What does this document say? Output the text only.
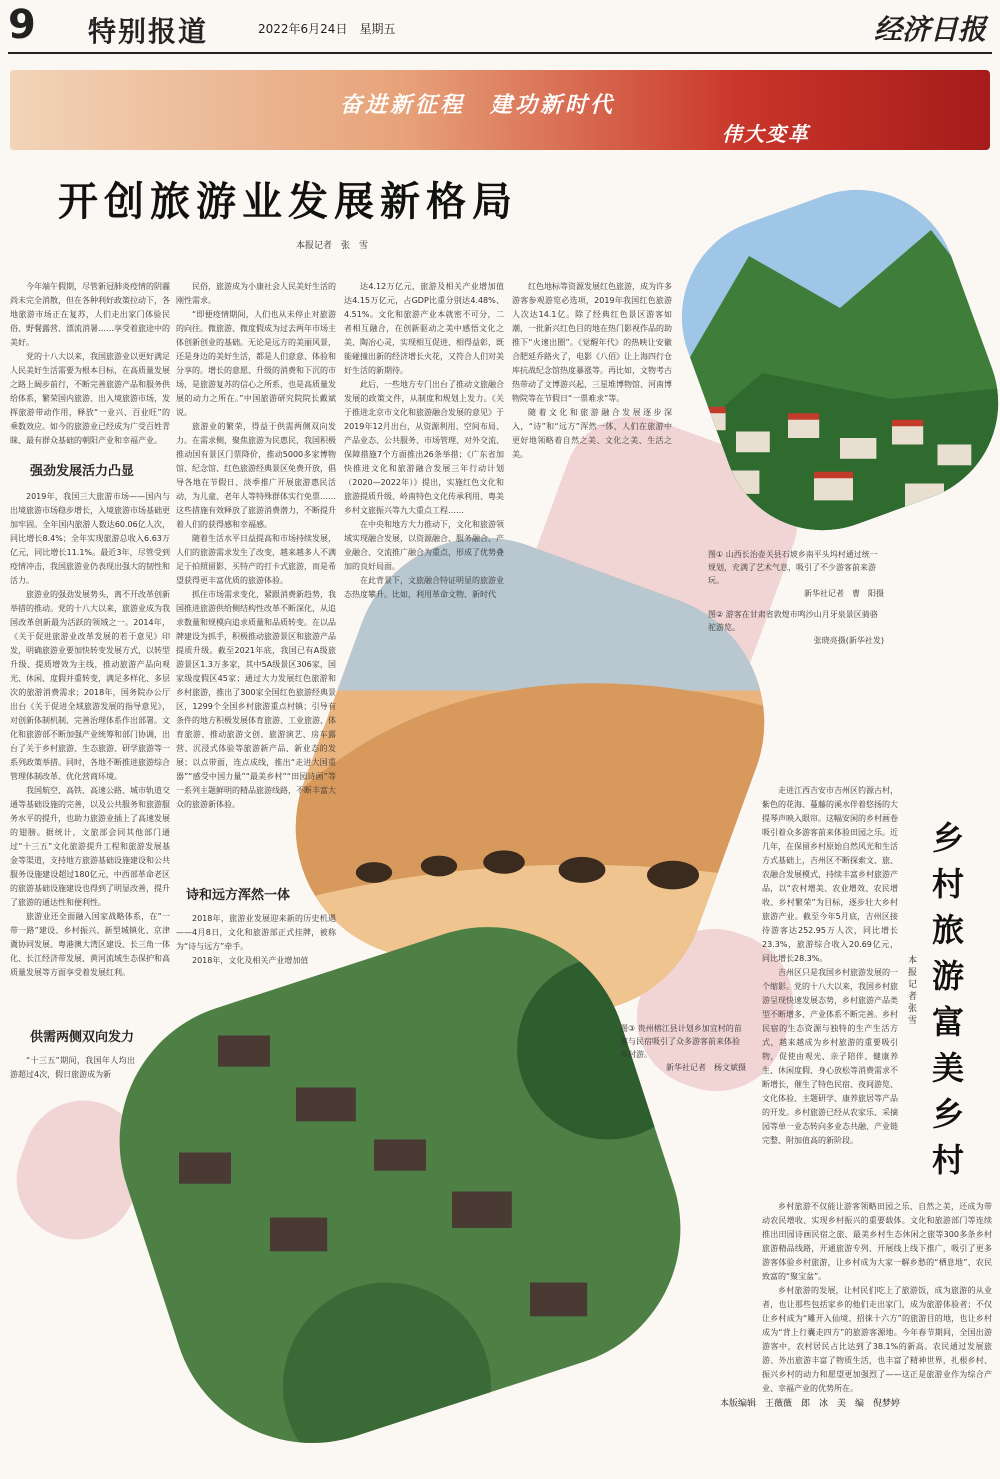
9 特别报道	2022年6月24日　星期五	经济日报
奋进新征程　建功新时代
伟大变革
开创旅游业发展新格局
本报记者　张　雪

今年端午假期，尽管新冠肺炎疫情的阴霾尚未完全消散，但在各种利好政策拉动下，各地旅游市场正在复苏，人们走出家门体验民俗、野餐露营、漂流消暑……享受着旅途中的美好。

党的十八大以来，我国旅游业以更好满足人民美好生活需要为根本目标，在高质量发展之路上阔步前行，不断完善旅游产品和服务供给体系，繁荣国内旅游、出入境旅游市场，发挥旅游带动作用，释放“一业兴、百业旺”的乘数效应。如今的旅游业已经成为广受百姓青睐、最有群众基础的朝阳产业和幸福产业。

强劲发展活力凸显

2019年，我国三大旅游市场——国内与出境旅游市场稳步增长，入境旅游市场基础更加牢固。全年国内旅游人数达60.06亿人次，同比增长8.4%；全年实现旅游总收入6.63万亿元，同比增长11.1%。最近3年，尽管受到疫情冲击，我国旅游业仍表现出强大的韧性和活力。

旅游业的强劲发展势头，离不开改革创新举措的推动。党的十八大以来，旅游业成为我国改革创新最为活跃的领域之一。2014年，《关于促进旅游业改革发展的若干意见》印发，明确旅游业要加快转变发展方式，以转型升级、提质增效为主线，推动旅游产品向观光、休闲、度假并重转变，满足多样化、多层次的旅游消费需求；2018年，国务院办公厅出台《关于促进全域旅游发展的指导意见》，对创新体制机制、完善治理体系作出部署。文化和旅游部不断加强产业统筹和部门协调，出台了关于乡村旅游、生态旅游、研学旅游等一系列政策举措。同时，各地不断推进旅游综合管理体制改革、优化营商环境。

我国航空、高铁、高速公路、城市轨道交通等基础设施的完善，以及公共服务和旅游服务水平的提升，也助力旅游业插上了高速发展的翅膀。据统计，文旅部会同其他部门通过“十三五”文化旅游提升工程和旅游发展基金等渠道，支持地方旅游基础设施建设和公共服务设施建设超过180亿元，中西部革命老区的旅游基础设施建设也得到了明显改善，提升了旅游的通达性和便利性。

旅游业还全面融入国家战略体系，在“一带一路”建设、乡村振兴、新型城镇化、京津冀协同发展、粤港澳大湾区建设、长三角一体化、长江经济带发展、黄河流域生态保护和高质量发展等方面享受着发展红利。

供需两侧双向发力

“十三五”期间，我国年人均出游超过4次，假日旅游成为新

民俗，旅游成为小康社会人民美好生活的刚性需求。

“即便疫情期间，人们也从未停止对旅游的向往。微旅游、微度假成为过去两年市场主体创新创业的基础。无论是远方的美丽风景，还是身边的美好生活，都是人们意意、体验和分享的。增长的意愿、升级的消费和下沉的市场，是旅游复苏的信心之所系，也是高质量发展的动力之所在。”中国旅游研究院院长戴斌说。

旅游业的繁荣，得益于供需两侧双向发力。在需求侧，聚焦旅游为民惠民，我国积极推动国有景区门票降价，推动5000多家博物馆、纪念馆、红色旅游经典景区免费开放，倡导各地在节假日、淡季推广开展旅游惠民活动，为儿童、老年人等特殊群体实行免票……这些措施有效释放了旅游消费潜力，不断提升着人们的获得感和幸福感。

随着生活水平日益提高和市场持续发展，人们的旅游需求发生了改变，越来越多人不满足于拍照留影、买特产的打卡式旅游，而是希望获得更丰富优质的旅游体验。

抓住市场需求变化，紧跟消费新趋势，我国推进旅游供给侧结构性改革不断深化，从追求数量和规模向追求质量和品质转变。在以品牌建设为抓手，积极推动旅游景区和旅游产品提质升级。截至2021年底，我国已有A级旅游景区1.3万多家，其中5A级景区306家，国家级度假区45家；通过大力发展红色旅游和乡村旅游，推出了300家全国红色旅游经典景区，1299个全国乡村旅游重点村镇；引导有条件的地方积极发展体育旅游、工业旅游、体育旅游、推动旅游文创、旅游演艺、房车露营、沉浸式体验等旅游新产品、新业态的发展；以点带面，连点成线，推出“走进大国重器”“感受中国力量”“最美乡村”“田园诗画”等一系列主题鲜明的精品旅游线路，不断丰富大众的旅游新体验。

诗和远方浑然一体

2018年，旅游业发展迎来新的历史机遇——4月8日，文化和旅游部正式挂牌，被称为“诗与远方”牵手。

2018年，文化及相关产业增加值

达4.12万亿元，旅游及相关产业增加值达4.15万亿元，占GDP比重分别达4.48%、4.51%。文化和旅游产业本就密不可分，二者相互融合，在创新驱动之美中感悟文化之美、陶冶心灵，实现相互促进、相得益彰，既能碰撞出新的经济增长火花，又符合人们对美好生活的新期待。

此后，一些地方专门出台了推动文旅融合发展的政策文件，从制度和规划上发力。《关于推进北京市文化和旅游融合发展的意见》于2019年12月出台，从资源利用、空间布局、产品业态、公共服务、市场管理、对外交流、保障措施7个方面推出26条举措；《广东省加快推进文化和旅游融合发展三年行动计划（2020—2022年）》提出，实施红色文化和旅游提质升级、岭南特色文化传承利用、粤美乡村文旅振兴等九大重点工程……

在中央和地方大力推动下，文化和旅游领域实现融合发展，以资源融合、服务融合、产业融合、交流推广融合为重点，形成了优势叠加的良好局面。

在此背景下，文旅融合特证明显的旅游业态热度攀升。比如，利用革命文物、新时代

红色地标等资源发展红色旅游，成为许多游客参观游览必选项，2019年我国红色旅游人次达14.1亿。除了经典红色景区游客如潮，一批新兴红色目的地在热门影视作品的助推下“火速出圈”。《觉醒年代》的热映让安徽合肥延乔路火了，电影《八佰》让上海四行仓库抗战纪念馆热度暴涨等。再比如，文物考古热带动了文博游兴起，三星堆博物馆、河南博物院等在节假日“一票难求”等。

随着文化和旅游融合发展逐步深入，“诗”和“远方”浑然一体，人们在旅游中更好地领略着自然之美、文化之美、生活之美。

图① 山西长治壶关县石坡乡南平头坞村通过统一规划，充满了艺术气息，吸引了不少游客前来游玩。
新华社记者　曹　阳摄
图② 游客在甘肃省敦煌市鸣沙山月牙泉景区骑骆驼游览。
张晓亮摄(新华社发)
图③ 贵州榕江县计划乡加宜村的苗寨与民宿吸引了众多游客前来体验乡村游。
新华社记者　杨文斌摄
乡村旅游富美乡村
本报记者　张　雪

走进江西吉安市吉州区钓源古村，紫色的花海、蔓藤的溪水伴着悠扬的大提琴声映入眼帘。这幅安闲的乡村画卷吸引着众多游客前来体验田园之乐。近几年，在保留乡村原始自然风光和生活方式基础上，吉州区不断探索文、旅、农融合发展模式，持续丰富乡村旅游产品，以“农村增美、农业增效、农民增收、乡村繁荣”为目标，逐步壮大乡村旅游产业。截至今年5月底，吉州区接待游客达252.95万人次，同比增长23.3%，旅游综合收入20.69亿元，同比增长28.3%。

吉州区只是我国乡村旅游发展的一个缩影。党的十八大以来，我国乡村旅游呈现快速发展态势，乡村旅游产品类型不断增多、产业体系不断完善。乡村民宿的生态资源与独特的生产生活方式，越来越成为乡村旅游的重要吸引物，促使由观光、亲子陪伴、健康养生、休闲度假、身心放松等消费需求不断增长，催生了特色民宿、夜间游览、文化体验、主题研学、康养旅居等产品的开发。乡村旅游已经从农家乐、采摘园等单一业态转向多业态共融、产业链完整、附加值高的新阶段。

乡村旅游不仅能让游客领略田园之乐、自然之美，还成为带动农民增收、实现乡村振兴的重要载体。文化和旅游部门等连续推出田园诗画民宿之旅、最美乡村生态休闲之旅等300多条乡村旅游精品线路，开通旅游专列、开展线上线下推广，吸引了更多游客体验乡村旅游，让乡村成为大家一解乡愁的“栖息地”、农民致富的“聚宝盆”。

乡村旅游的发展，让村民们吃上了旅游饭，成为旅游的从业者，也让那些包括家乡的他们走出家门，成为旅游体验者；不仅让乡村成为“雕开入仙境、招徕十六方”的旅游目的地，也让乡村成为“背上行囊走四方”的旅游客源地。今年春节期间，全国出游游客中，农村居民占比达到了38.1%的新高。农民通过发展旅游、外出旅游丰富了物质生活，也丰富了精神世界，扎根乡村、振兴乡村的动力和愿望更加强烈了——这正是旅游业作为综合产业、幸福产业的优势所在。

本版编辑　王薇薇　郎　冰　美　编　倪梦婷
